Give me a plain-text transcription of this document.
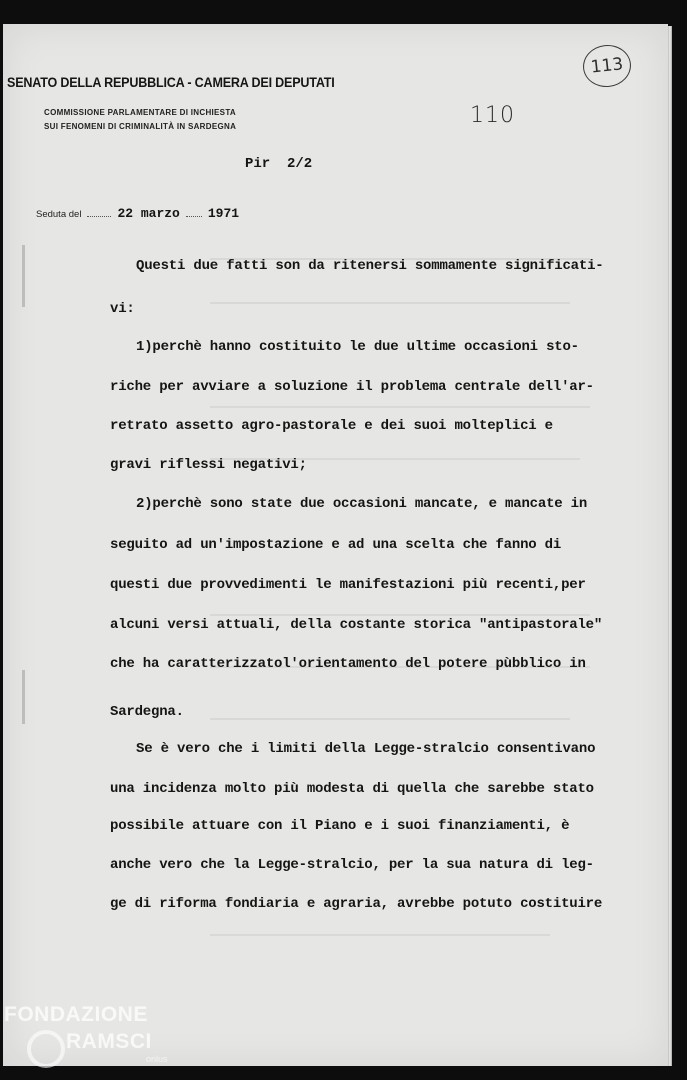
SENATO DELLA REPUBBLICA - CAMERA DEI DEPUTATI
COMMISSIONE PARLAMENTARE DI INCHIESTA
SUI FENOMENI DI CRIMINALITÀ IN SARDEGNA
113
110
Pir  2/2
Seduta del	22 marzo 1971
Questi due fatti son da ritenersi sommamente significati-
vi:
1)perchè hanno costituito le due ultime occasioni sto-
riche per avviare a soluzione il problema centrale dell'ar-
retrato assetto agro-pastorale e dei suoi molteplici e
gravi riflessi negativi;
2)perchè sono state due occasioni mancate, e mancate in
seguito ad un'impostazione e ad una scelta che fanno di
questi due provvedimenti le manifestazioni più recenti,per
alcuni versi attuali, della costante storica "antipastorale"
che ha caratterizzatol'orientamento del potere pùbblico in
Sardegna.
Se è vero che i limiti della Legge-stralcio consentivano
una incidenza molto più modesta di quella che sarebbe stato
possibile attuare con il Piano e i suoi finanziamenti, è
anche vero che la Legge-stralcio, per la sua natura di leg-
ge di riforma fondiaria e agraria, avrebbe potuto costituire
FONDAZIONE
RAMSCI
onlus
